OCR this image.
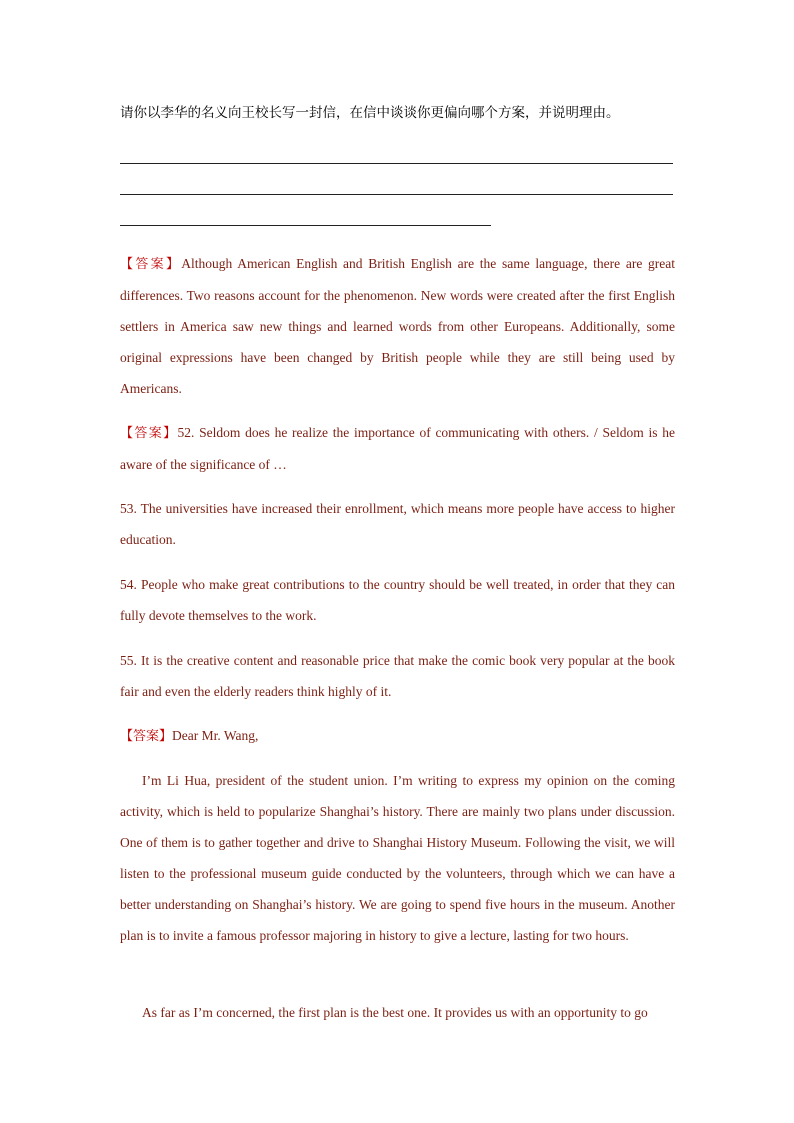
请你以李华的名义向王校长写一封信，在信中谈谈你更偏向哪个方案，并说明理由。
【答案】Although American English and British English are the same language, there are great differences. Two reasons account for the phenomenon. New words were created after the first English settlers in America saw new things and learned words from other Europeans. Additionally, some original expressions have been changed by British people while they are still being used by Americans.
【答案】52. Seldom does he realize the importance of communicating with others. / Seldom is he aware of the significance of …
53. The universities have increased their enrollment, which means more people have access to higher education.
54. People who make great contributions to the country should be well treated, in order that they can fully devote themselves to the work.
55. It is the creative content and reasonable price that make the comic book very popular at the book fair and even the elderly readers think highly of it.
【答案】Dear Mr. Wang,
I’m Li Hua, president of the student union. I’m writing to express my opinion on the coming activity, which is held to popularize Shanghai’s history. There are mainly two plans under discussion. One of them is to gather together and drive to Shanghai History Museum. Following the visit, we will listen to the professional museum guide conducted by the volunteers, through which we can have a better understanding on Shanghai’s history. We are going to spend five hours in the museum. Another plan is to invite a famous professor majoring in history to give a lecture, lasting for two hours.
As far as I’m concerned, the first plan is the best one. It provides us with an opportunity to go
